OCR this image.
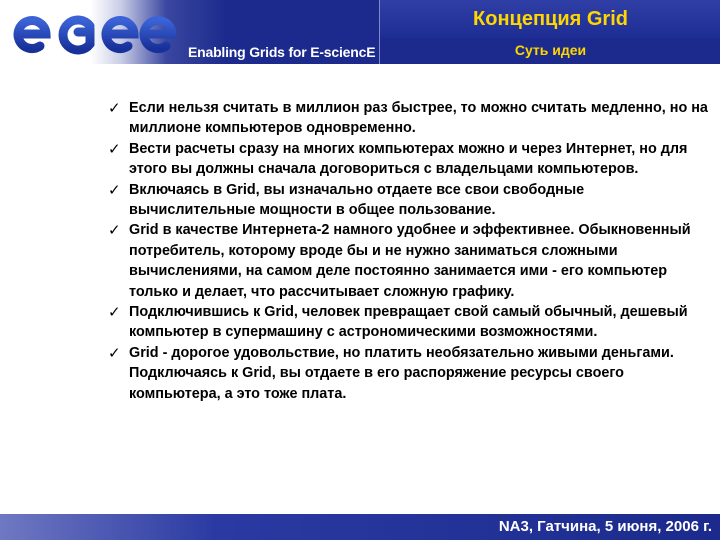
Enabling Grids for E-sciencE
Концепция Grid
Суть идеи

✓ Если нельзя считать в миллион раз быстрее, то можно считать медленно, но на миллионе компьютеров одновременно.

✓ Вести расчеты сразу на многих компьютерах можно и через Интернет, но для этого вы должны сначала договориться с владельцами компьютеров.

✓ Включаясь в Grid, вы изначально отдаете все свои свободные вычислительные мощности в общее пользование.

✓ Grid в качестве Интернета-2 намного удобнее и эффективнее. Обыкновенный потребитель, которому вроде бы и не нужно заниматься сложными вычислениями, на самом деле постоянно занимается ими - его компьютер только и делает, что рассчитывает сложную графику.

✓ Подключившись к Grid, человек превращает свой самый обычный, дешевый компьютер в супермашину с астрономическими возможностями.

✓ Grid - дорогое удовольствие, но платить необязательно живыми деньгами. Подключаясь к Grid, вы отдаете в его распоряжение ресурсы своего компьютера, а это тоже плата.

NA3, Гатчина, 5 июня, 2006 г.
